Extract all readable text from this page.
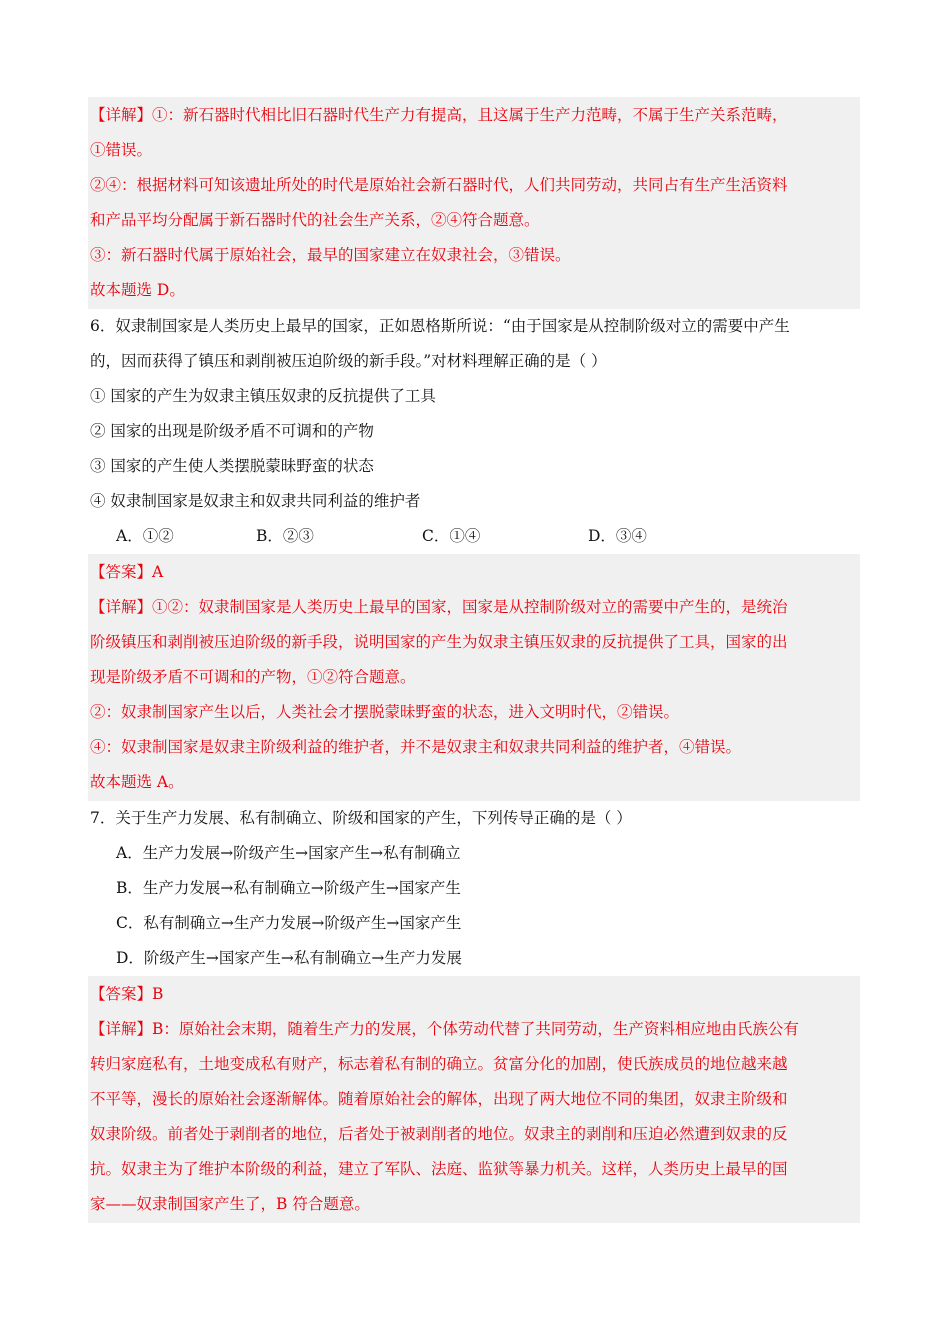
【详解】①：新石器时代相比旧石器时代生产力有提高，且这属于生产力范畴，不属于生产关系范畴，
①错误。
②④：根据材料可知该遗址所处的时代是原始社会新石器时代，人们共同劳动，共同占有生产生活资料
和产品平均分配属于新石器时代的社会生产关系，②④符合题意。
③：新石器时代属于原始社会，最早的国家建立在奴隶社会，③错误。
故本题选 D。
6．奴隶制国家是人类历史上最早的国家，正如恩格斯所说：“由于国家是从控制阶级对立的需要中产生
的，因而获得了镇压和剥削被压迫阶级的新手段。”对材料理解正确的是（ ）
① 国家的产生为奴隶主镇压奴隶的反抗提供了工具
② 国家的出现是阶级矛盾不可调和的产物
③ 国家的产生使人类摆脱蒙昧野蛮的状态
④ 奴隶制国家是奴隶主和奴隶共同利益的维护者
A．①②	B．②③	C．①④	D．③④
【答案】A
【详解】①②：奴隶制国家是人类历史上最早的国家，国家是从控制阶级对立的需要中产生的，是统治
阶级镇压和剥削被压迫阶级的新手段，说明国家的产生为奴隶主镇压奴隶的反抗提供了工具，国家的出
现是阶级矛盾不可调和的产物，①②符合题意。
②：奴隶制国家产生以后，人类社会才摆脱蒙昧野蛮的状态，进入文明时代，②错误。
④：奴隶制国家是奴隶主阶级利益的维护者，并不是奴隶主和奴隶共同利益的维护者，④错误。
故本题选 A。
7．关于生产力发展、私有制确立、阶级和国家的产生，下列传导正确的是（ ）
A．生产力发展→阶级产生→国家产生→私有制确立
B．生产力发展→私有制确立→阶级产生→国家产生
C．私有制确立→生产力发展→阶级产生→国家产生
D．阶级产生→国家产生→私有制确立→生产力发展
【答案】B
【详解】B：原始社会末期，随着生产力的发展，个体劳动代替了共同劳动，生产资料相应地由氏族公有
转归家庭私有，土地变成私有财产，标志着私有制的确立。贫富分化的加剧，使氏族成员的地位越来越
不平等，漫长的原始社会逐渐解体。随着原始社会的解体，出现了两大地位不同的集团，奴隶主阶级和
奴隶阶级。前者处于剥削者的地位，后者处于被剥削者的地位。奴隶主的剥削和压迫必然遭到奴隶的反
抗。奴隶主为了维护本阶级的利益，建立了军队、法庭、监狱等暴力机关。这样，人类历史上最早的国
家——奴隶制国家产生了，B 符合题意。
